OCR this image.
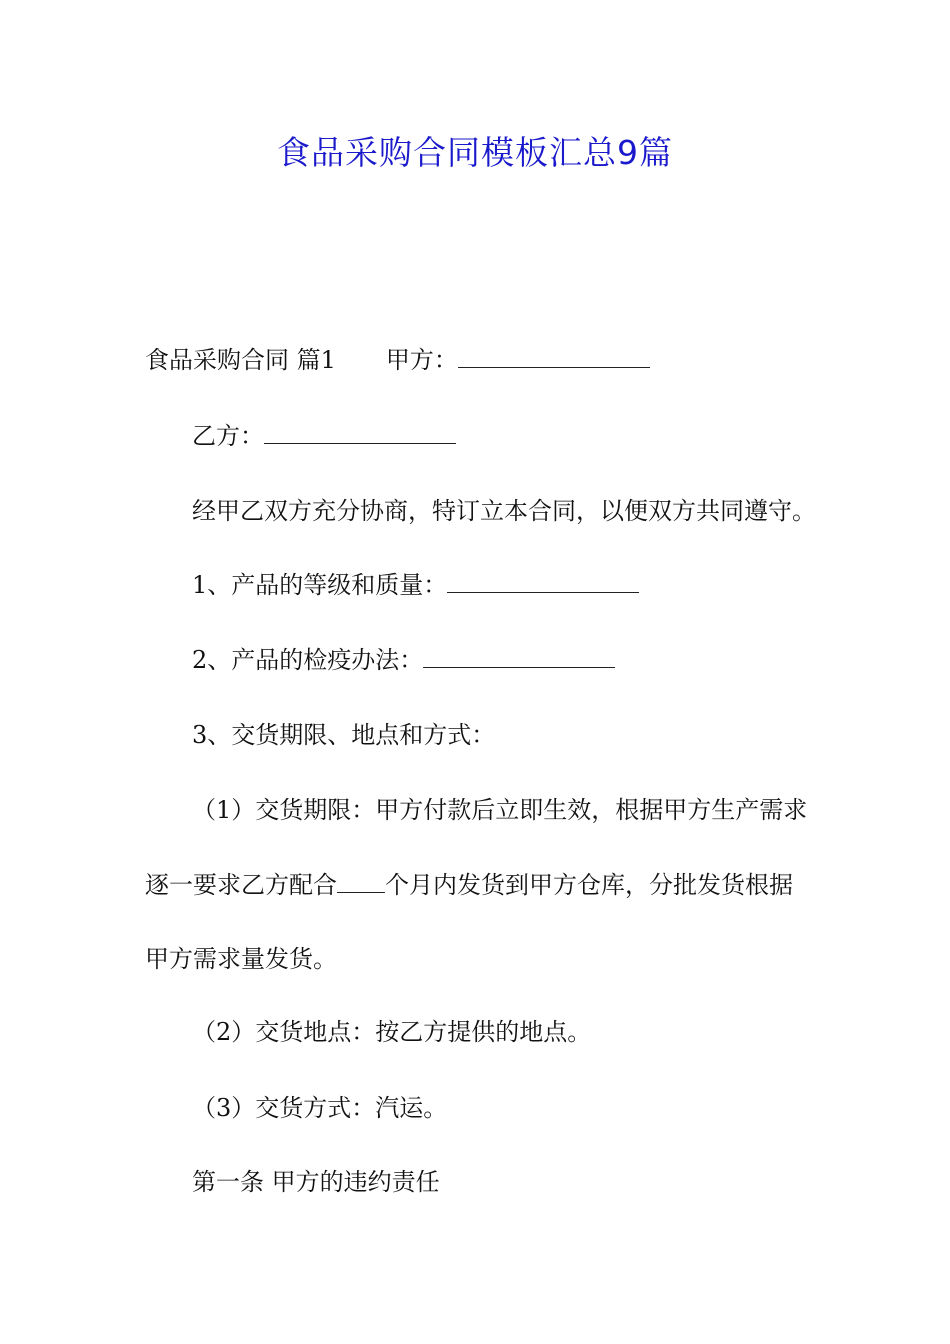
食品采购合同模板汇总9篇

食品采购合同 篇1 甲方：

乙方：

经甲乙双方充分协商，特订立本合同，以便双方共同遵守。

1、产品的等级和质量：

2、产品的检疫办法：

3、交货期限、地点和方式：

（1）交货期限：甲方付款后立即生效，根据甲方生产需求

逐一要求乙方配合 个月内发货到甲方仓库，分批发货根据

甲方需求量发货。

（2）交货地点：按乙方提供的地点。

（3）交货方式：汽运。

第一条 甲方的违约责任
